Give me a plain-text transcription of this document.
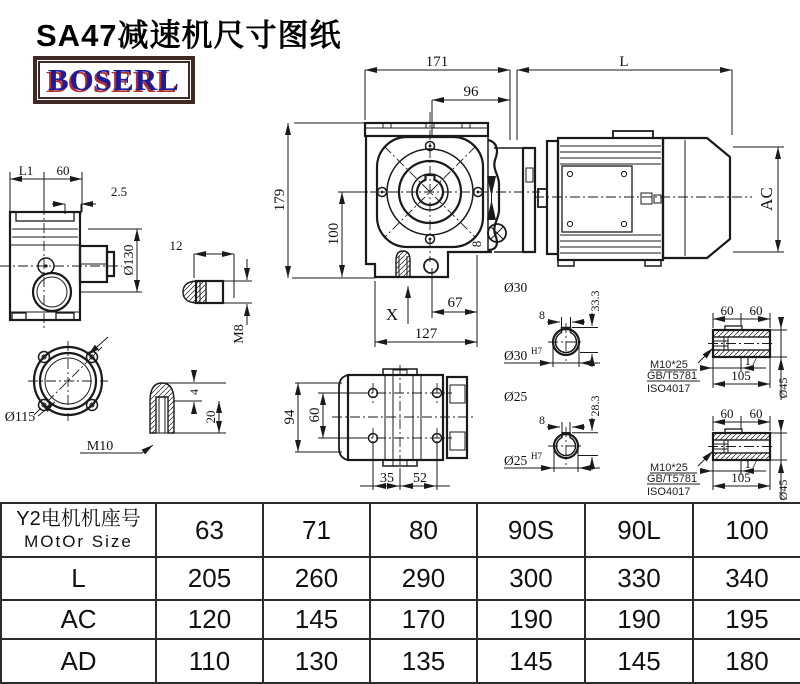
SA47减速机尺寸图纸
BOSERL
8
171
96
L
179
100
AC
X
67
127
Ø30
L1 60
2.5
Ø130
Ø115
M10
4
20
12
M8
94 60
35 52
8
33.3
Ø30 H7
Ø25
8
28.3
Ø25 H7
60 60
17
105
Ø45
M10*25
GB/T5781
ISO4017
60 60
17
105
Ø45
M10*25
GB/T5781
ISO4017
Y2电机机座号
MOtOr Size	63	71	80	90S	90L	100
L	205	260	290	300	330	340
AC	120	145	170	190	190	195
AD	110	130	135	145	145	180
